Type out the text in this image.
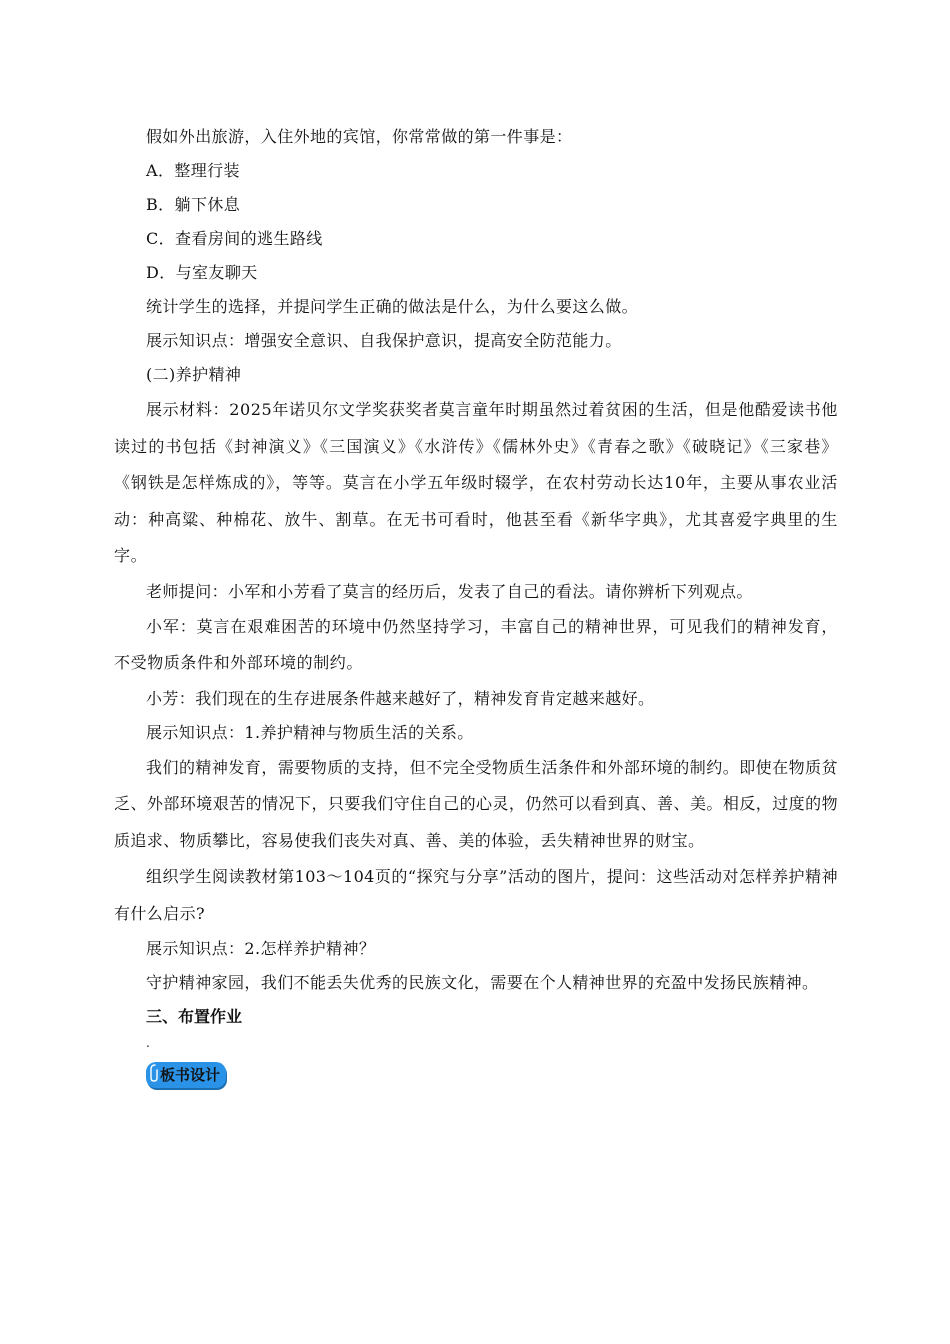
假如外出旅游，入住外地的宾馆，你常常做的第一件事是：

A．整理行装

B．躺下休息

C．查看房间的逃生路线

D．与室友聊天

统计学生的选择，并提问学生正确的做法是什么，为什么要这么做。

展示知识点：增强安全意识、自我保护意识，提高安全防范能力。

(二)养护精神

展示材料：2025年诺贝尔文学奖获奖者莫言童年时期虽然过着贫困的生活，但是他酷爱读书他读过的书包括《封神演义》《三国演义》《水浒传》《儒林外史》《青春之歌》《破晓记》《三家巷》《钢铁是怎样炼成的》，等等。莫言在小学五年级时辍学，在农村劳动长达10年，主要从事农业活动：种高粱、种棉花、放牛、割草。在无书可看时，他甚至看《新华字典》，尤其喜爱字典里的生字。

老师提问：小军和小芳看了莫言的经历后，发表了自己的看法。请你辨析下列观点。

小军：莫言在艰难困苦的环境中仍然坚持学习，丰富自己的精神世界，可见我们的精神发育，不受物质条件和外部环境的制约。

小芳：我们现在的生存进展条件越来越好了，精神发育肯定越来越好。

展示知识点：1.养护精神与物质生活的关系。

我们的精神发育，需要物质的支持，但不完全受物质生活条件和外部环境的制约。即使在物质贫乏、外部环境艰苦的情况下，只要我们守住自己的心灵，仍然可以看到真、善、美。相反，过度的物质追求、物质攀比，容易使我们丧失对真、善、美的体验，丢失精神世界的财宝。

组织学生阅读教材第103～104页的“探究与分享”活动的图片，提问：这些活动对怎样养护精神有什么启示?

展示知识点：2.怎样养护精神？

守护精神家园，我们不能丢失优秀的民族文化，需要在个人精神世界的充盈中发扬民族精神。

三、布置作业

.

板书设计
